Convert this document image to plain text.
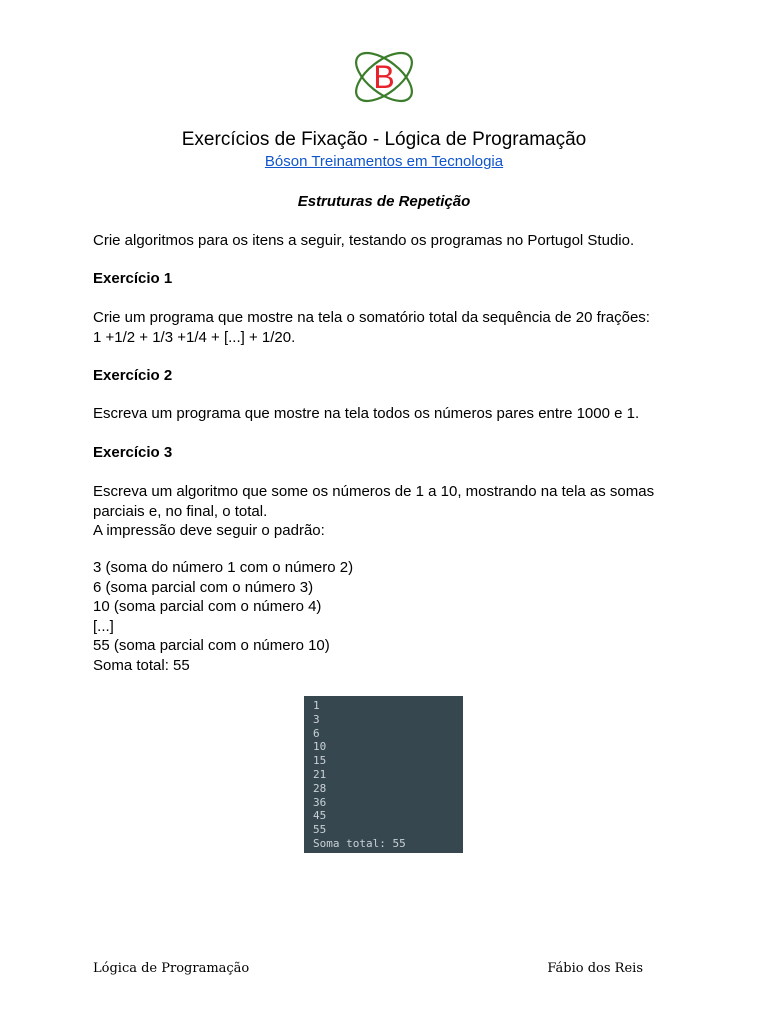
B
Exercícios de Fixação - Lógica de Programação
Bóson Treinamentos em Tecnologia
Estruturas de Repetição
Crie algoritmos para os itens a seguir, testando os programas no Portugol Studio.
Exercício 1
Crie um programa que mostre na tela o somatório total da sequência de 20 frações:
1 +1/2 + 1/3 +1/4 + [...] + 1/20.
Exercício 2
Escreva um programa que mostre na tela todos os números pares entre 1000 e 1.
Exercício 3
Escreva um algoritmo que some os números de 1 a 10, mostrando na tela as somas
parciais e, no final, o total.
A impressão deve seguir o padrão:
3 (soma do número 1 com o número 2)
6 (soma parcial com o número 3)
10 (soma parcial com o número 4)
[...]
55 (soma parcial com o número 10)
Soma total: 55
1
3
6
10
15
21
28
36
45
55
Soma total: 55
Lógica de Programação	Fábio dos Reis
